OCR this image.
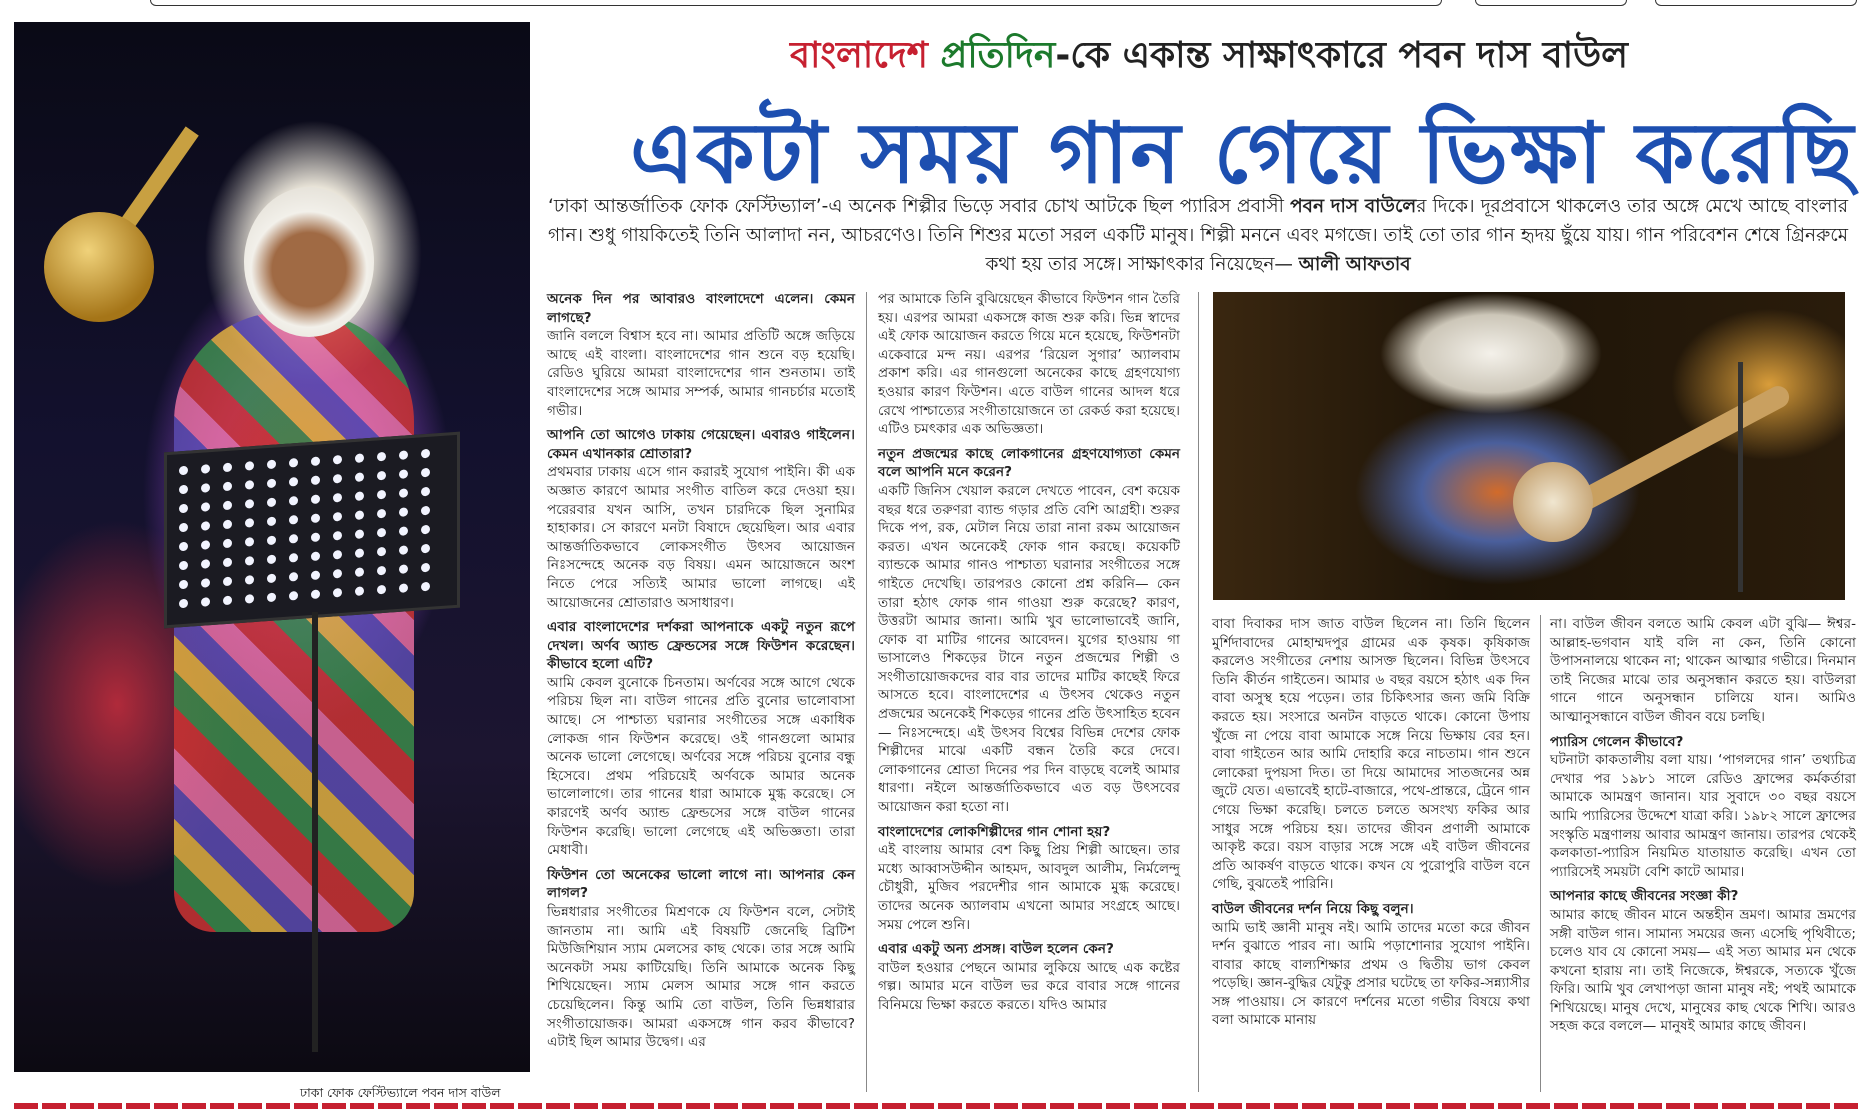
ঢাকা ফোক ফেস্টিভ্যালে পবন দাস বাউল
বাংলাদেশ প্রতিদিন-কে একান্ত সাক্ষাৎকারে পবন দাস বাউল
একটা সময় গান গেয়ে ভিক্ষা করেছি
‘ঢাকা আন্তর্জাতিক ফোক ফেস্টিভ্যাল’-এ অনেক শিল্পীর ভিড়ে সবার চোখ আটকে ছিল প্যারিস প্রবাসী পবন দাস বাউলের দিকে। দূরপ্রবাসে থাকলেও তার অঙ্গে মেখে আছে বাংলার গান। শুধু গায়কিতেই তিনি আলাদা নন, আচরণেও। তিনি শিশুর মতো সরল একটি মানুষ। শিল্পী মননে এবং মগজে। তাই তো তার গান হৃদয় ছুঁয়ে যায়। গান পরিবেশন শেষে গ্রিনরুমে কথা হয় তার সঙ্গে। সাক্ষাৎকার নিয়েছেন— আলী আফতাব
অনেক দিন পর আবারও বাংলাদেশে এলেন। কেমন লাগছে?
জানি বললে বিশ্বাস হবে না। আমার প্রতিটি অঙ্গে জড়িয়ে আছে এই বাংলা। বাংলাদেশের গান শুনে বড় হয়েছি। রেডিও ঘুরিয়ে আমরা বাংলাদেশের গান শুনতাম। তাই বাংলাদেশের সঙ্গে আমার সম্পর্ক, আমার গানচর্চার মতোই গভীর।
আপনি তো আগেও ঢাকায় গেয়েছেন। এবারও গাইলেন। কেমন এখানকার শ্রোতারা?
প্রথমবার ঢাকায় এসে গান করারই সুযোগ পাইনি। কী এক অজ্ঞাত কারণে আমার সংগীত বাতিল করে দেওয়া হয়। পরেরবার যখন আসি, তখন চারদিকে ছিল সুনামির হাহাকার। সে কারণে মনটা বিষাদে ছেয়েছিল। আর এবার আন্তর্জাতিকভাবে লোকসংগীত উৎসব আয়োজন নিঃসন্দেহে অনেক বড় বিষয়। এমন আয়োজনে অংশ নিতে পেরে সত্যিই আমার ভালো লাগছে। এই আয়োজনের শ্রোতারাও অসাধারণ।
এবার বাংলাদেশের দর্শকরা আপনাকে একটু নতুন রূপে দেখল। অর্ণব অ্যান্ড ফ্রেন্ডসের সঙ্গে ফিউশন করেছেন। কীভাবে হলো এটি?
আমি কেবল বুনোকে চিনতাম। অর্ণবের সঙ্গে আগে থেকে পরিচয় ছিল না। বাউল গানের প্রতি বুনোর ভালোবাসা আছে। সে পাশ্চাত্য ঘরানার সংগীতের সঙ্গে একাধিক লোকজ গান ফিউশন করেছে। ওই গানগুলো আমার অনেক ভালো লেগেছে। অর্ণবের সঙ্গে পরিচয় বুনোর বন্ধু হিসেবে। প্রথম পরিচয়েই অর্ণবকে আমার অনেক ভালোলাগে। তার গানের ধারা আমাকে মুগ্ধ করেছে। সে কারণেই অর্ণব অ্যান্ড ফ্রেন্ডসের সঙ্গে বাউল গানের ফিউশন করেছি। ভালো লেগেছে এই অভিজ্ঞতা। তারা মেধাবী।
ফিউশন তো অনেকের ভালো লাগে না। আপনার কেন লাগল?
ভিন্নধারার সংগীতের মিশ্রণকে যে ফিউশন বলে, সেটাই জানতাম না। আমি এই বিষয়টি জেনেছি ব্রিটিশ মিউজিশিয়ান স্যাম মেলসের কাছ থেকে। তার সঙ্গে আমি অনেকটা সময় কাটিয়েছি। তিনি আমাকে অনেক কিছু শিখিয়েছেন। স্যাম মেলস আমার সঙ্গে গান করতে চেয়েছিলেন। কিন্তু আমি তো বাউল, তিনি ভিন্নধারার সংগীতায়োজক। আমরা একসঙ্গে গান করব কীভাবে? এটাই ছিল আমার উদ্বেগ। এর
পর আমাকে তিনি বুঝিয়েছেন কীভাবে ফিউশন গান তৈরি হয়। এরপর আমরা একসঙ্গে কাজ শুরু করি। ভিন্ন স্বাদের এই ফোক আয়োজন করতে গিয়ে মনে হয়েছে, ফিউশনটা একেবারে মন্দ নয়। এরপর ‘রিয়েল সুগার’ অ্যালবাম প্রকাশ করি। এর গানগুলো অনেকের কাছে গ্রহণযোগ্য হওয়ার কারণ ফিউশন। এতে বাউল গানের আদল ধরে রেখে পাশ্চাত্যের সংগীতায়োজনে তা রেকর্ড করা হয়েছে। এটিও চমৎকার এক অভিজ্ঞতা।
নতুন প্রজন্মের কাছে লোকগানের গ্রহণযোগ্যতা কেমন বলে আপনি মনে করেন?
একটি জিনিস খেয়াল করলে দেখতে পাবেন, বেশ কয়েক বছর ধরে তরুণরা ব্যান্ড গড়ার প্রতি বেশি আগ্রহী। শুরুর দিকে পপ, রক, মেটাল নিয়ে তারা নানা রকম আয়োজন করত। এখন অনেকেই ফোক গান করছে। কয়েকটি ব্যান্ডকে আমার গানও পাশ্চাত্য ঘরানার সংগীতের সঙ্গে গাইতে দেখেছি। তারপরও কোনো প্রশ্ন করিনি— কেন তারা হঠাৎ ফোক গান গাওয়া শুরু করেছে? কারণ, উত্তরটা আমার জানা। আমি খুব ভালোভাবেই জানি, ফোক বা মাটির গানের আবেদন। যুগের হাওয়ায় গা ভাসালেও শিকড়ের টানে নতুন প্রজন্মের শিল্পী ও সংগীতায়োজকদের বার বার তাদের মাটির কাছেই ফিরে আসতে হবে। বাংলাদেশের এ উৎসব থেকেও নতুন প্রজন্মের অনেকেই শিকড়ের গানের প্রতি উৎসাহিত হবেন— নিঃসন্দেহে। এই উৎসব বিশ্বের বিভিন্ন দেশের ফোক শিল্পীদের মাঝে একটি বন্ধন তৈরি করে দেবে। লোকগানের শ্রোতা দিনের পর দিন বাড়ছে বলেই আমার ধারণা। নইলে আন্তর্জাতিকভাবে এত বড় উৎসবের আয়োজন করা হতো না।
বাংলাদেশের লোকশিল্পীদের গান শোনা হয়?
এই বাংলায় আমার বেশ কিছু প্রিয় শিল্পী আছেন। তার মধ্যে আব্বাসউদ্দীন আহমদ, আবদুল আলীম, নির্মলেন্দু চৌধুরী, মুজিব পরদেশীর গান আমাকে মুগ্ধ করেছে। তাদের অনেক অ্যালবাম এখনো আমার সংগ্রহে আছে। সময় পেলে শুনি।
এবার একটু অন্য প্রসঙ্গ। বাউল হলেন কেন?
বাউল হওয়ার পেছনে আমার লুকিয়ে আছে এক কষ্টের গল্প। আমার মনে বাউল ভর করে বাবার সঙ্গে গানের বিনিময়ে ভিক্ষা করতে করতে। যদিও আমার
বাবা দিবাকর দাস জাত বাউল ছিলেন না। তিনি ছিলেন মুর্শিদাবাদের মোহাম্মদপুর গ্রামের এক কৃষক। কৃষিকাজ করলেও সংগীতের নেশায় আসক্ত ছিলেন। বিভিন্ন উৎসবে তিনি কীর্তন গাইতেন। আমার ৬ বছর বয়সে হঠাৎ এক দিন বাবা অসুস্থ হয়ে পড়েন। তার চিকিৎসার জন্য জমি বিক্রি করতে হয়। সংসারে অনটন বাড়তে থাকে। কোনো উপায় খুঁজে না পেয়ে বাবা আমাকে সঙ্গে নিয়ে ভিক্ষায় বের হন। বাবা গাইতেন আর আমি দোহারি করে নাচতাম। গান শুনে লোকেরা দুপয়সা দিত। তা দিয়ে আমাদের সাতজনের অন্ন জুটে যেত। এভাবেই হাটে-বাজারে, পথে-প্রান্তরে, ট্রেনে গান গেয়ে ভিক্ষা করেছি। চলতে চলতে অসংখ্য ফকির আর সাধুর সঙ্গে পরিচয় হয়। তাদের জীবন প্রণালী আমাকে আকৃষ্ট করে। বয়স বাড়ার সঙ্গে সঙ্গে এই বাউল জীবনের প্রতি আকর্ষণ বাড়তে থাকে। কখন যে পুরোপুরি বাউল বনে গেছি, বুঝতেই পারিনি।
বাউল জীবনের দর্শন নিয়ে কিছু বলুন।
আমি ভাই জ্ঞানী মানুষ নই। আমি তাদের মতো করে জীবন দর্শন বুঝাতে পারব না। আমি পড়াশোনার সুযোগ পাইনি। বাবার কাছে বাল্যশিক্ষার প্রথম ও দ্বিতীয় ভাগ কেবল পড়েছি। জ্ঞান-বুদ্ধির যেটুকু প্রসার ঘটেছে তা ফকির-সন্ন্যাসীর সঙ্গ পাওয়ায়। সে কারণে দর্শনের মতো গভীর বিষয়ে কথা বলা আমাকে মানায়
না। বাউল জীবন বলতে আমি কেবল এটা বুঝি— ঈশ্বর-আল্লাহ-ভগবান যাই বলি না কেন, তিনি কোনো উপাসনালয়ে থাকেন না; থাকেন আত্মার গভীরে। দিনমান তাই নিজের মাঝে তার অনুসন্ধান করতে হয়। বাউলরা গানে গানে অনুসন্ধান চালিয়ে যান। আমিও আত্মানুসন্ধানে বাউল জীবন বয়ে চলছি।
প্যারিস গেলেন কীভাবে?
ঘটনাটা কাকতালীয় বলা যায়। ‘পাগলদের গান’ তথ্যচিত্র দেখার পর ১৯৮১ সালে রেডিও ফ্রান্সের কর্মকর্তারা আমাকে আমন্ত্রণ জানান। যার সুবাদে ৩০ বছর বয়সে আমি প্যারিসের উদ্দেশে যাত্রা করি। ১৯৮২ সালে ফ্রান্সের সংস্কৃতি মন্ত্রণালয় আবার আমন্ত্রণ জানায়। তারপর থেকেই কলকাতা-প্যারিস নিয়মিত যাতায়াত করেছি। এখন তো প্যারিসেই সময়টা বেশি কাটে আমার।
আপনার কাছে জীবনের সংজ্ঞা কী?
আমার কাছে জীবন মানে অন্তহীন ভ্রমণ। আমার ভ্রমণের সঙ্গী বাউল গান। সামান্য সময়ের জন্য এসেছি পৃথিবীতে; চলেও যাব যে কোনো সময়— এই সত্য আমার মন থেকে কখনো হারায় না। তাই নিজেকে, ঈশ্বরকে, সত্যকে খুঁজে ফিরি। আমি খুব লেখাপড়া জানা মানুষ নই; পথই আমাকে শিখিয়েছে। মানুষ দেখে, মানুষের কাছ থেকে শিখি। আরও সহজ করে বললে— মানুষই আমার কাছে জীবন।
